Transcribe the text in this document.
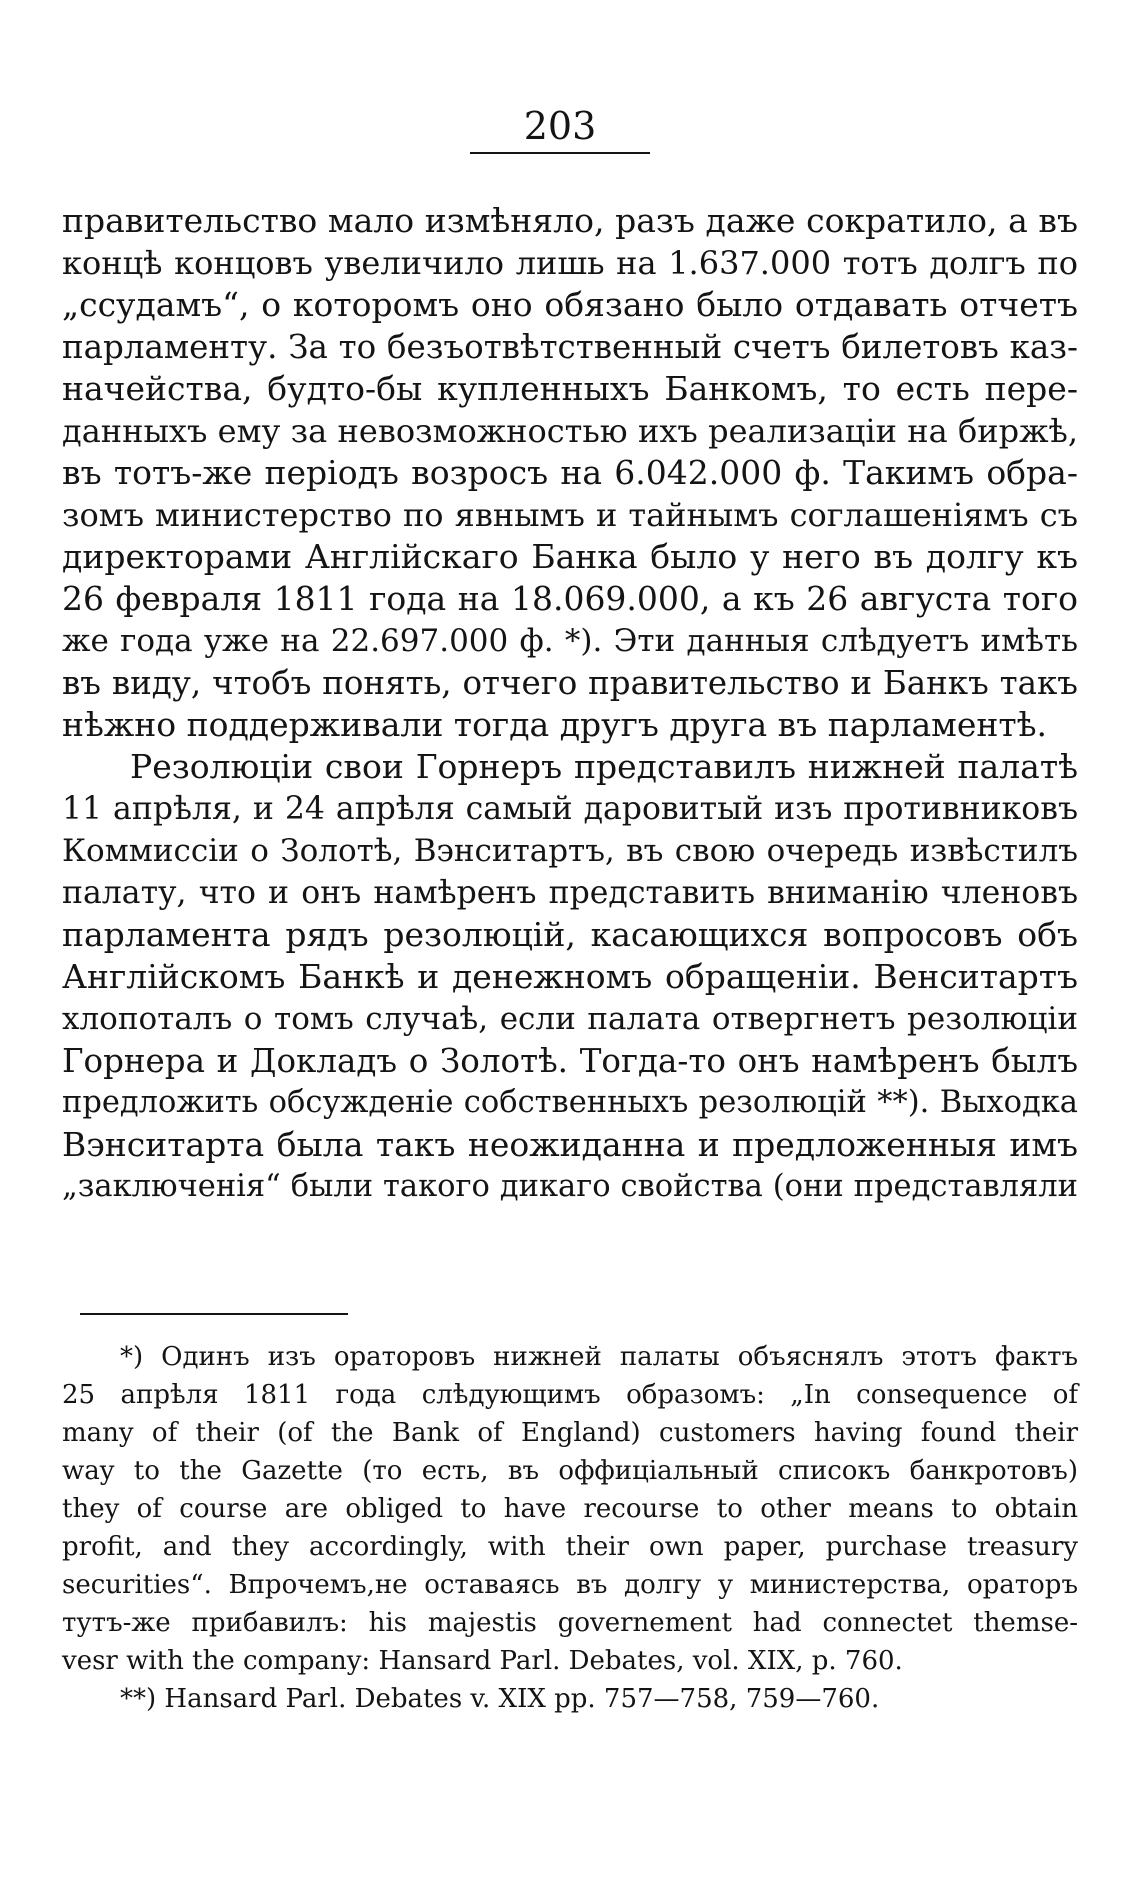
203
правительство мало измѣняло, разъ даже сократило, а въ
концѣ концовъ увеличило лишь на 1.637.000 тотъ долгъ по
„ссудамъ“, о которомъ оно обязано было отдавать отчетъ
парламенту. За то безъотвѣтственный счетъ билетовъ каз-
начейства, будто-бы купленныхъ Банкомъ, то есть пере-
данныхъ ему за невозможностью ихъ реализаціи на биржѣ,
въ тотъ-же періодъ возросъ на 6.042.000 ф. Такимъ обра-
зомъ министерство по явнымъ и тайнымъ соглашеніямъ съ
директорами Англійскаго Банка было у него въ долгу къ
26 февраля 1811 года на 18.069.000, а къ 26 августа того
же года уже на 22.697.000 ф. *). Эти данныя слѣдуетъ имѣть
въ виду, чтобъ понять, отчего правительство и Банкъ такъ
нѣжно поддерживали тогда другъ друга въ парламентѣ.
Резолюціи свои Горнеръ представилъ нижней палатѣ
11 апрѣля, и 24 апрѣля самый даровитый изъ противниковъ
Коммиссіи о Золотѣ, Вэнситартъ, въ свою очередь извѣстилъ
палату, что и онъ намѣренъ представить вниманію членовъ
парламента рядъ резолюцій, касающихся вопросовъ объ
Англійскомъ Банкѣ и денежномъ обращеніи. Венситартъ
хлопоталъ о томъ случаѣ, если палата отвергнетъ резолюціи
Горнера и Докладъ о Золотѣ. Тогда-то онъ намѣренъ былъ
предложить обсужденіе собственныхъ резолюцій **). Выходка
Вэнситарта была такъ неожиданна и предложенныя имъ
„заключенія“ были такого дикаго свойства (они представляли
*) Одинъ изъ ораторовъ нижней палаты объяснялъ этотъ фактъ
25 апрѣля 1811 года слѣдующимъ образомъ: „In consequence of
many of their (of the Bank of England) customers having found their
way to the Gazette (то есть, въ оффиціальный списокъ банкротовъ)
they of course are obliged to have recourse to other means to obtain
profit, and they accordingly, with their own paper, purchase treasury
securities“. Впрочемъ,не оставаясь въ долгу у министерства, ораторъ
тутъ-же прибавилъ: his majestis governement had connectet themse-
vesr with the company: Hansard Parl. Debates, vol. XIX, p. 760.
**) Hansard Parl. Debates v. XIX pp. 757—758, 759—760.
